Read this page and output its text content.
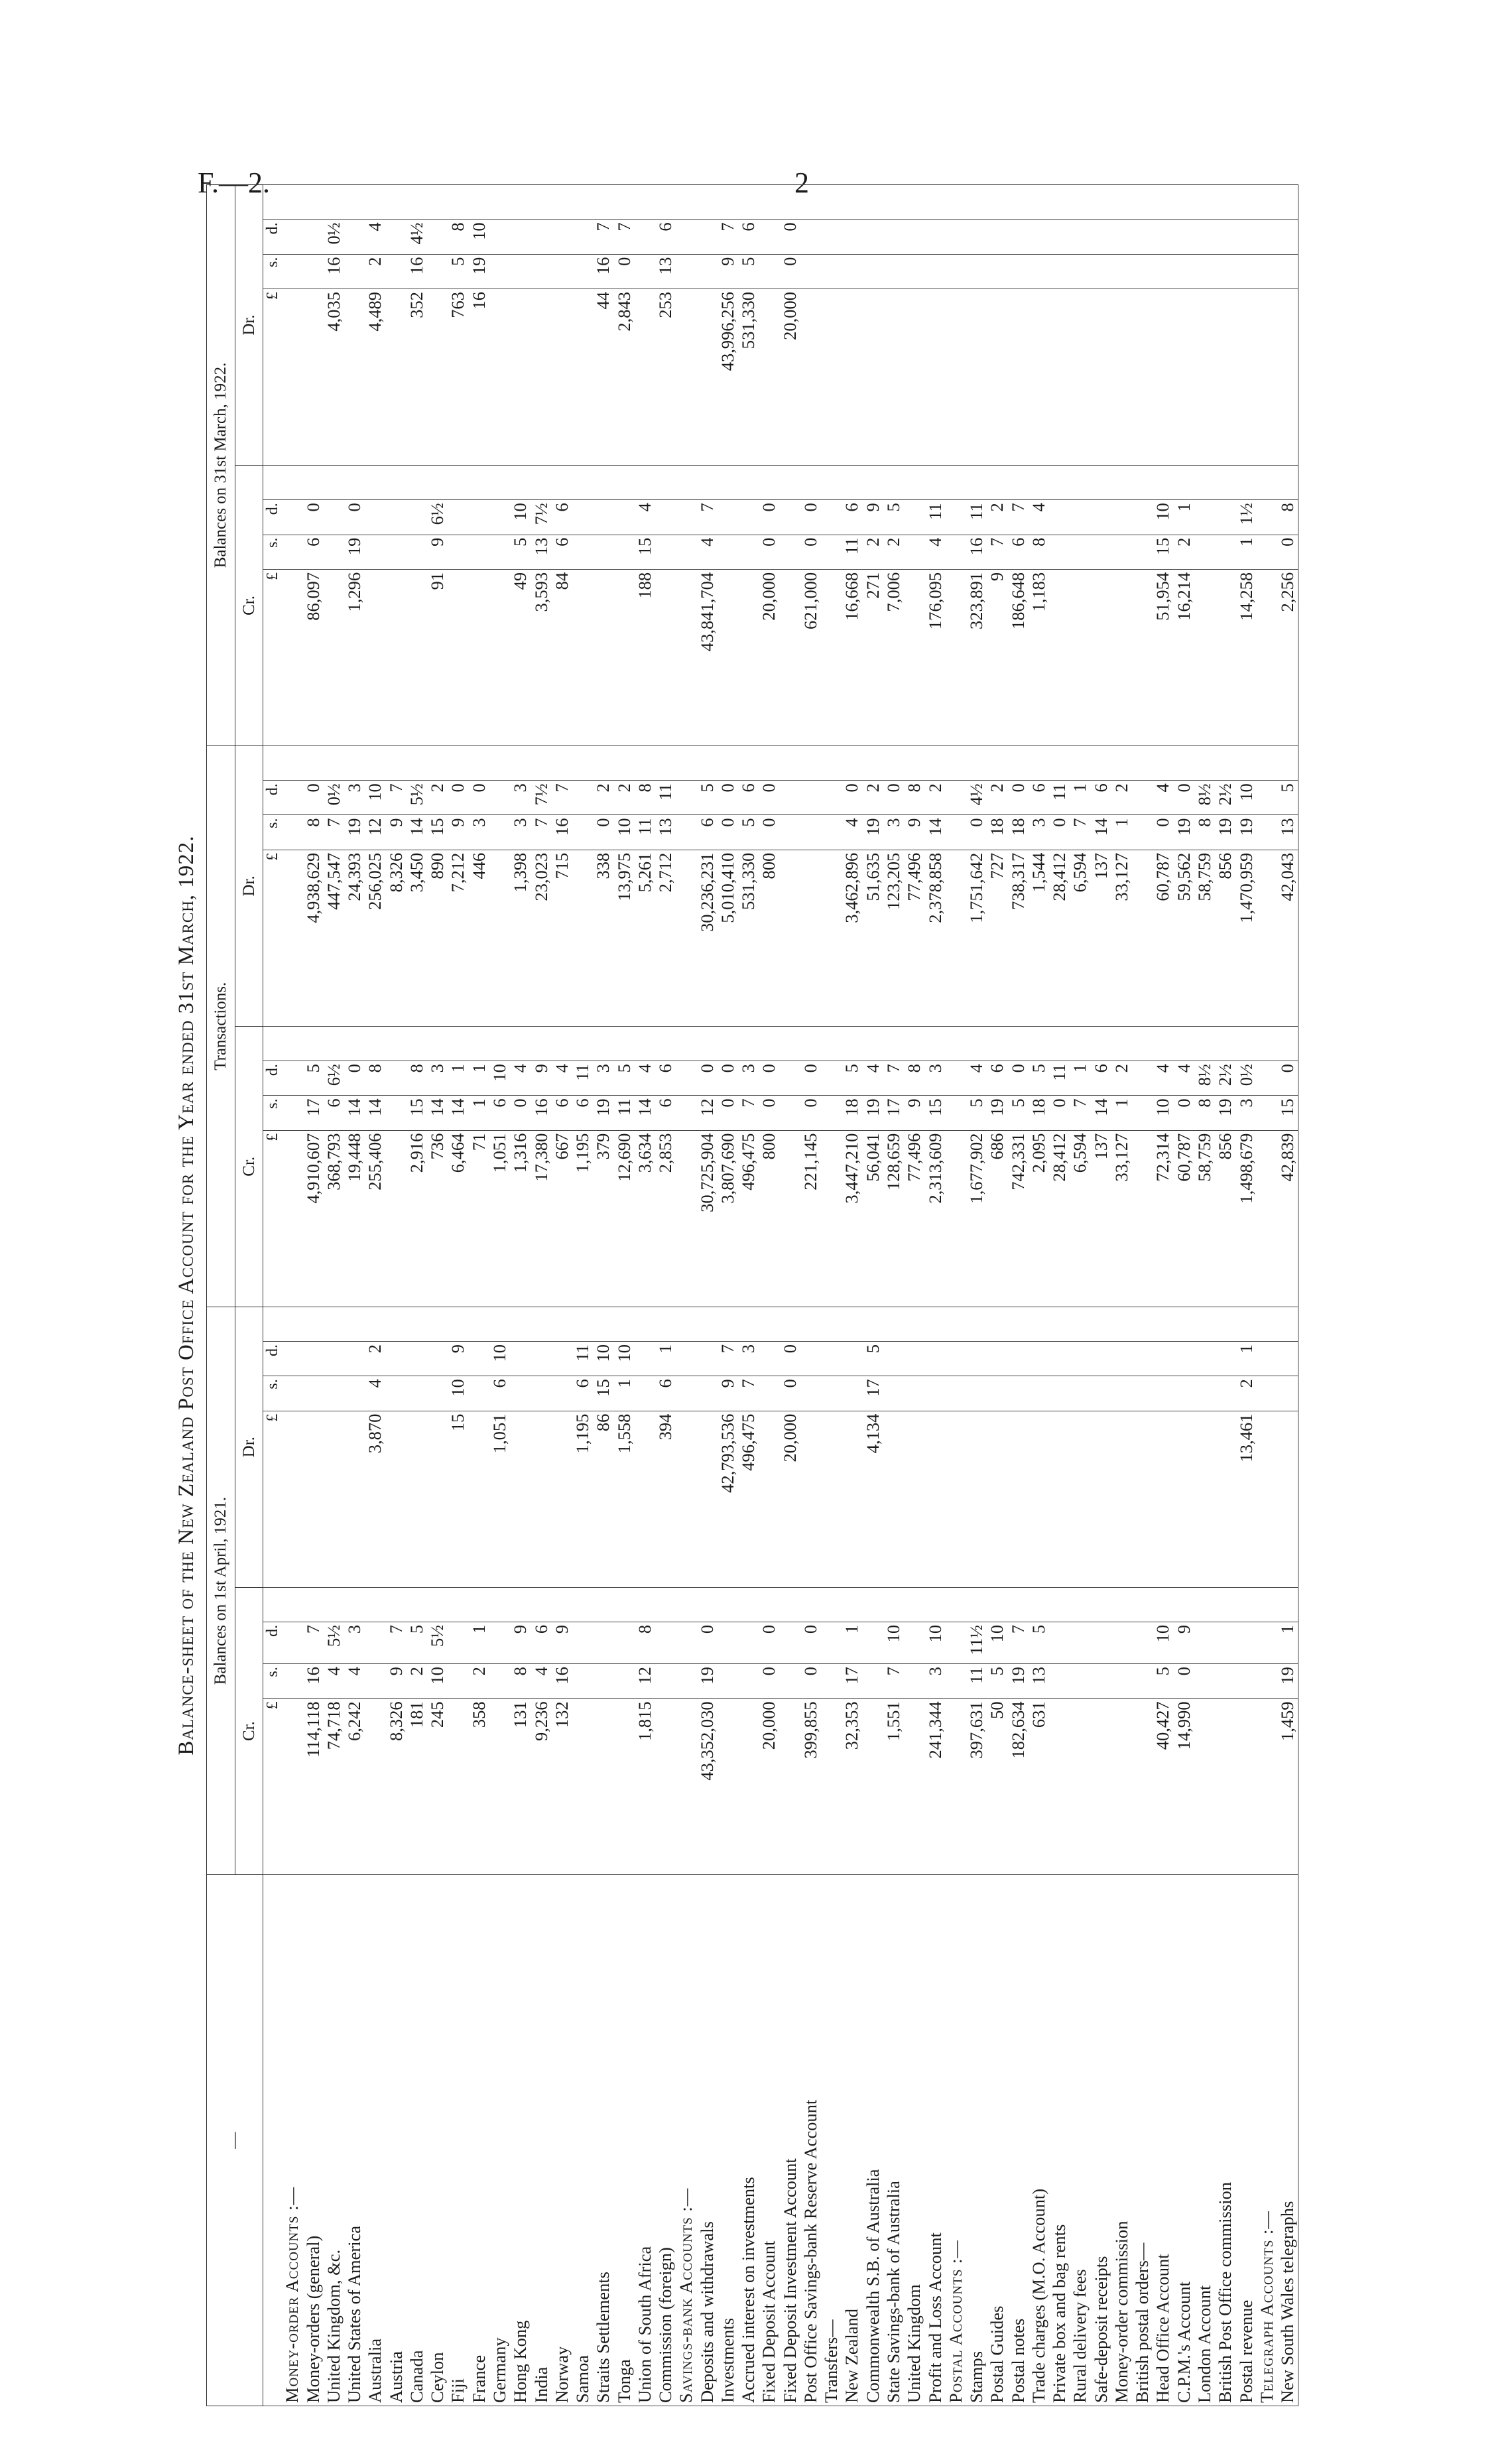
F.—2.	2
Balance-sheet of the New Zealand Post Office Account for the Year ended 31st March, 1922.
—	Balances on 1st April, 1921.								Transactions.								Balances on 31st March, 1922.							
	Cr.				Dr.				Cr.				Dr.				Cr.				Dr.			
	£	s.	d.		£	s.	d.		£	s.	d.		£	s.	d.		£	s.	d.		£	s.	d.	
Money-order Accounts :—																								
Money-orders (general)	114,118	16	7						4,910,607	17	5		4,938,629	8	0		86,097	6	0					
United Kingdom, &c.	74,718	4	5½						368,793	6	6½		447,547	7	0½						4,035	16	0½	
United States of America	6,242	4	3						19,448	14	0		24,393	19	3		1,296	19	0					
Australia					3,870	4	2		255,406	14	8		256,025	12	10						4,489	2	4	
Austria	8,326	9	7										8,326	9	7									
Canada	181	2	5						2,916	15	8		3,450	14	5½						352	16	4½	
Ceylon	245	10	5½						736	14	3		890	15	2		91	9	6½					
Fiji					15	10	9		6,464	14	1		7,212	9	0						763	5	8	
France	358	2	1						71	1	1		446	3	0						16	19	10	
Germany					1,051	6	10		1,051	6	10													
Hong Kong	131	8	9						1,316	0	4		1,398	3	3		49	5	10					
India	9,236	4	6						17,380	16	9		23,023	7	7½		3,593	13	7½					
Norway	132	16	9						667	6	4		715	16	7		84	6	6					
Samoa					1,195	6	11		1,195	6	11													
Straits Settlements					86	15	10		379	19	3		338	0	2						44	16	7	
Tonga					1,558	1	10		12,690	11	5		13,975	10	2						2,843	0	7	
Union of South Africa	1,815	12	8						3,634	14	4		5,261	11	8		188	15	4					
Commission (foreign)					394	6	1		2,853	6	6		2,712	13	11						253	13	6	
Savings-bank Accounts :—																								
Deposits and withdrawals	43,352,030	19	0						30,725,904	12	0		30,236,231	6	5		43,841,704	4	7					
Investments					42,793,536	9	7		3,807,690	0	0		5,010,410	0	0						43,996,256	9	7	
Accrued interest on investments					496,475	7	3		496,475	7	3		531,330	5	6						531,330	5	6	
Fixed Deposit Account	20,000	0	0						800	0	0		800	0	0		20,000	0	0					
Fixed Deposit Investment Account					20,000	0	0														20,000	0	0	
Post Office Savings-bank Reserve Account	399,855	0	0						221,145	0	0						621,000	0	0					
Transfers—																								
New Zealand	32,353	17	1						3,447,210	18	5		3,462,896	4	0		16,668	11	6					
Commonwealth S.B. of Australia					4,134	17	5		56,041	19	4		51,635	19	2		271	2	9					
State Savings-bank of Australia	1,551	7	10						128,659	17	7		123,205	3	0		7,006	2	5					
United Kingdom									77,496	9	8		77,496	9	8									
Profit and Loss Account	241,344	3	10						2,313,609	15	3		2,378,858	14	2		176,095	4	11					
Postal Accounts :—																								
Stamps	397,631	11	11½						1,677,902	5	4		1,751,642	0	4½		323,891	16	11					
Postal Guides	50	5	10						686	19	6		727	18	2		9	7	2					
Postal notes	182,634	19	7						742,331	5	0		738,317	18	0		186,648	6	7					
Trade charges (M.O. Account)	631	13	5						2,095	18	5		1,544	3	6		1,183	8	4					
Private box and bag rents									28,412	0	11		28,412	0	11									
Rural delivery fees									6,594	7	1		6,594	7	1									
Safe-deposit receipts									137	14	6		137	14	6									
Money-order commission									33,127	1	2		33,127	1	2									
British postal orders—																								
Head Office Account	40,427	5	10						72,314	10	4		60,787	0	4		51,954	15	10					
C.P.M.'s Account	14,990	0	9						60,787	0	4		59,562	19	0		16,214	2	1					
London Account									58,759	8	8½		58,759	8	8½									
British Post Office commission									856	19	2½		856	19	2½									
Postal revenue					13,461	2	1		1,498,679	3	0½		1,470,959	19	10		14,258	1	1½					
Telegraph Accounts :—																								
New South Wales telegraphs	1,459	19	1						42,839	15	0		42,043	13	5		2,256	0	8					
